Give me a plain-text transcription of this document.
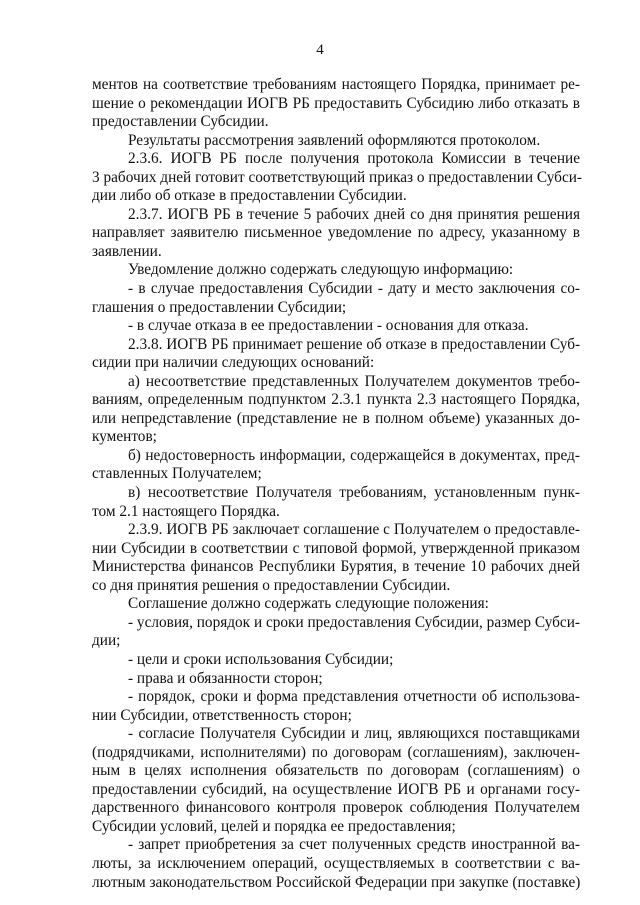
4
ментов на соответствие требованиям настоящего Порядка, принимает ре-
шение о рекомендации ИОГВ РБ предоставить Субсидию либо отказать в
предоставлении Субсидии.
Результаты рассмотрения заявлений оформляются протоколом.
2.3.6. ИОГВ РБ после получения протокола Комиссии в течение
3 рабочих дней готовит соответствующий приказ о предоставлении Субси-
дии либо об отказе в предоставлении Субсидии.
2.3.7. ИОГВ РБ в течение 5 рабочих дней со дня принятия решения
направляет заявителю письменное уведомление по адресу, указанному в
заявлении.
Уведомление должно содержать следующую информацию:
- в случае предоставления Субсидии - дату и место заключения со-
глашения о предоставлении Субсидии;
- в случае отказа в ее предоставлении - основания для отказа.
2.3.8. ИОГВ РБ принимает решение об отказе в предоставлении Суб-
сидии при наличии следующих оснований:
а) несоответствие представленных Получателем документов требо-
ваниям, определенным подпунктом 2.3.1 пункта 2.3 настоящего Порядка,
или непредставление (представление не в полном объеме) указанных до-
кументов;
б) недостоверность информации, содержащейся в документах, пред-
ставленных Получателем;
в) несоответствие Получателя требованиям, установленным пунк-
том 2.1 настоящего Порядка.
2.3.9. ИОГВ РБ заключает соглашение с Получателем о предоставле-
нии Субсидии в соответствии с типовой формой, утвержденной приказом
Министерства финансов Республики Бурятия, в течение 10 рабочих дней
со дня принятия решения о предоставлении Субсидии.
Соглашение должно содержать следующие положения:
- условия, порядок и сроки предоставления Субсидии, размер Субси-
дии;
- цели и сроки использования Субсидии;
- права и обязанности сторон;
- порядок, сроки и форма представления отчетности об использова-
нии Субсидии, ответственность сторон;
- согласие Получателя Субсидии и лиц, являющихся поставщиками
(подрядчиками, исполнителями) по договорам (соглашениям), заключен-
ным в целях исполнения обязательств по договорам (соглашениям) о
предоставлении субсидий, на осуществление ИОГВ РБ и органами госу-
дарственного финансового контроля проверок соблюдения Получателем
Субсидии условий, целей и порядка ее предоставления;
- запрет приобретения за счет полученных средств иностранной ва-
люты, за исключением операций, осуществляемых в соответствии с ва-
лютным законодательством Российской Федерации при закупке (поставке)
